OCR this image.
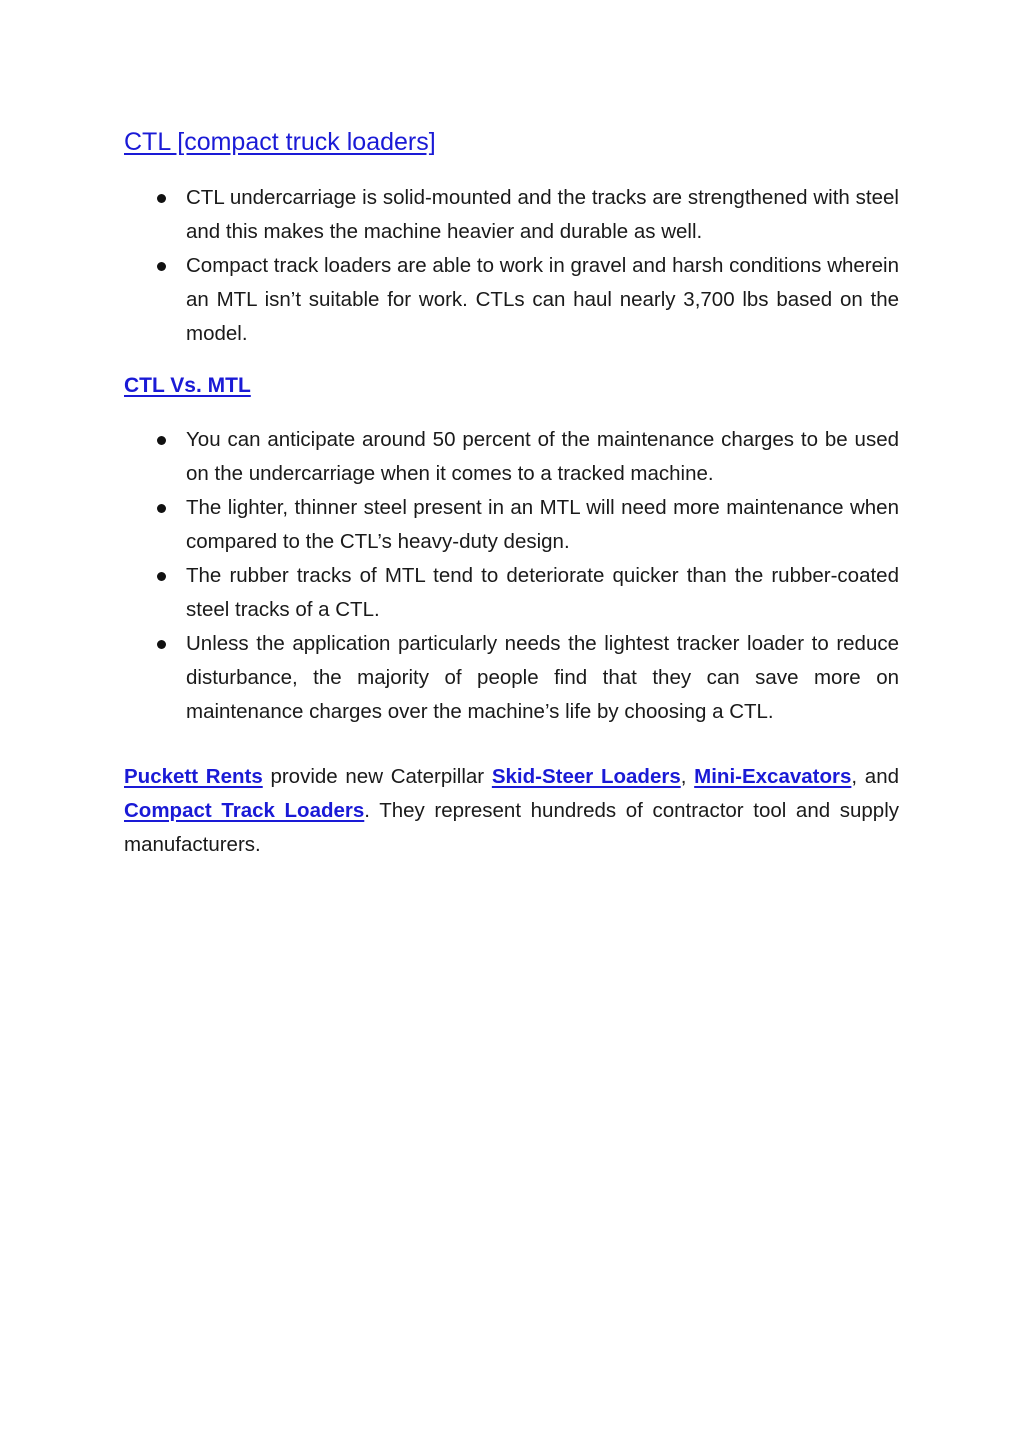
CTL [compact truck loaders]
CTL undercarriage is solid-mounted and the tracks are strengthened with steel and this makes the machine heavier and durable as well.
Compact track loaders are able to work in gravel and harsh conditions wherein an MTL isn’t suitable for work. CTLs can haul nearly 3,700 lbs based on the model.
CTL Vs. MTL
You can anticipate around 50 percent of the maintenance charges to be used on the undercarriage when it comes to a tracked machine.
The lighter, thinner steel present in an MTL will need more maintenance when compared to the CTL’s heavy-duty design.
The rubber tracks of MTL tend to deteriorate quicker than the rubber-coated steel tracks of a CTL.
Unless the application particularly needs the lightest tracker loader to reduce disturbance, the majority of people find that they can save more on maintenance charges over the machine’s life by choosing a CTL.

Puckett Rents provide new Caterpillar Skid-Steer Loaders, Mini-Excavators, and Compact Track Loaders. They represent hundreds of contractor tool and supply manufacturers.
